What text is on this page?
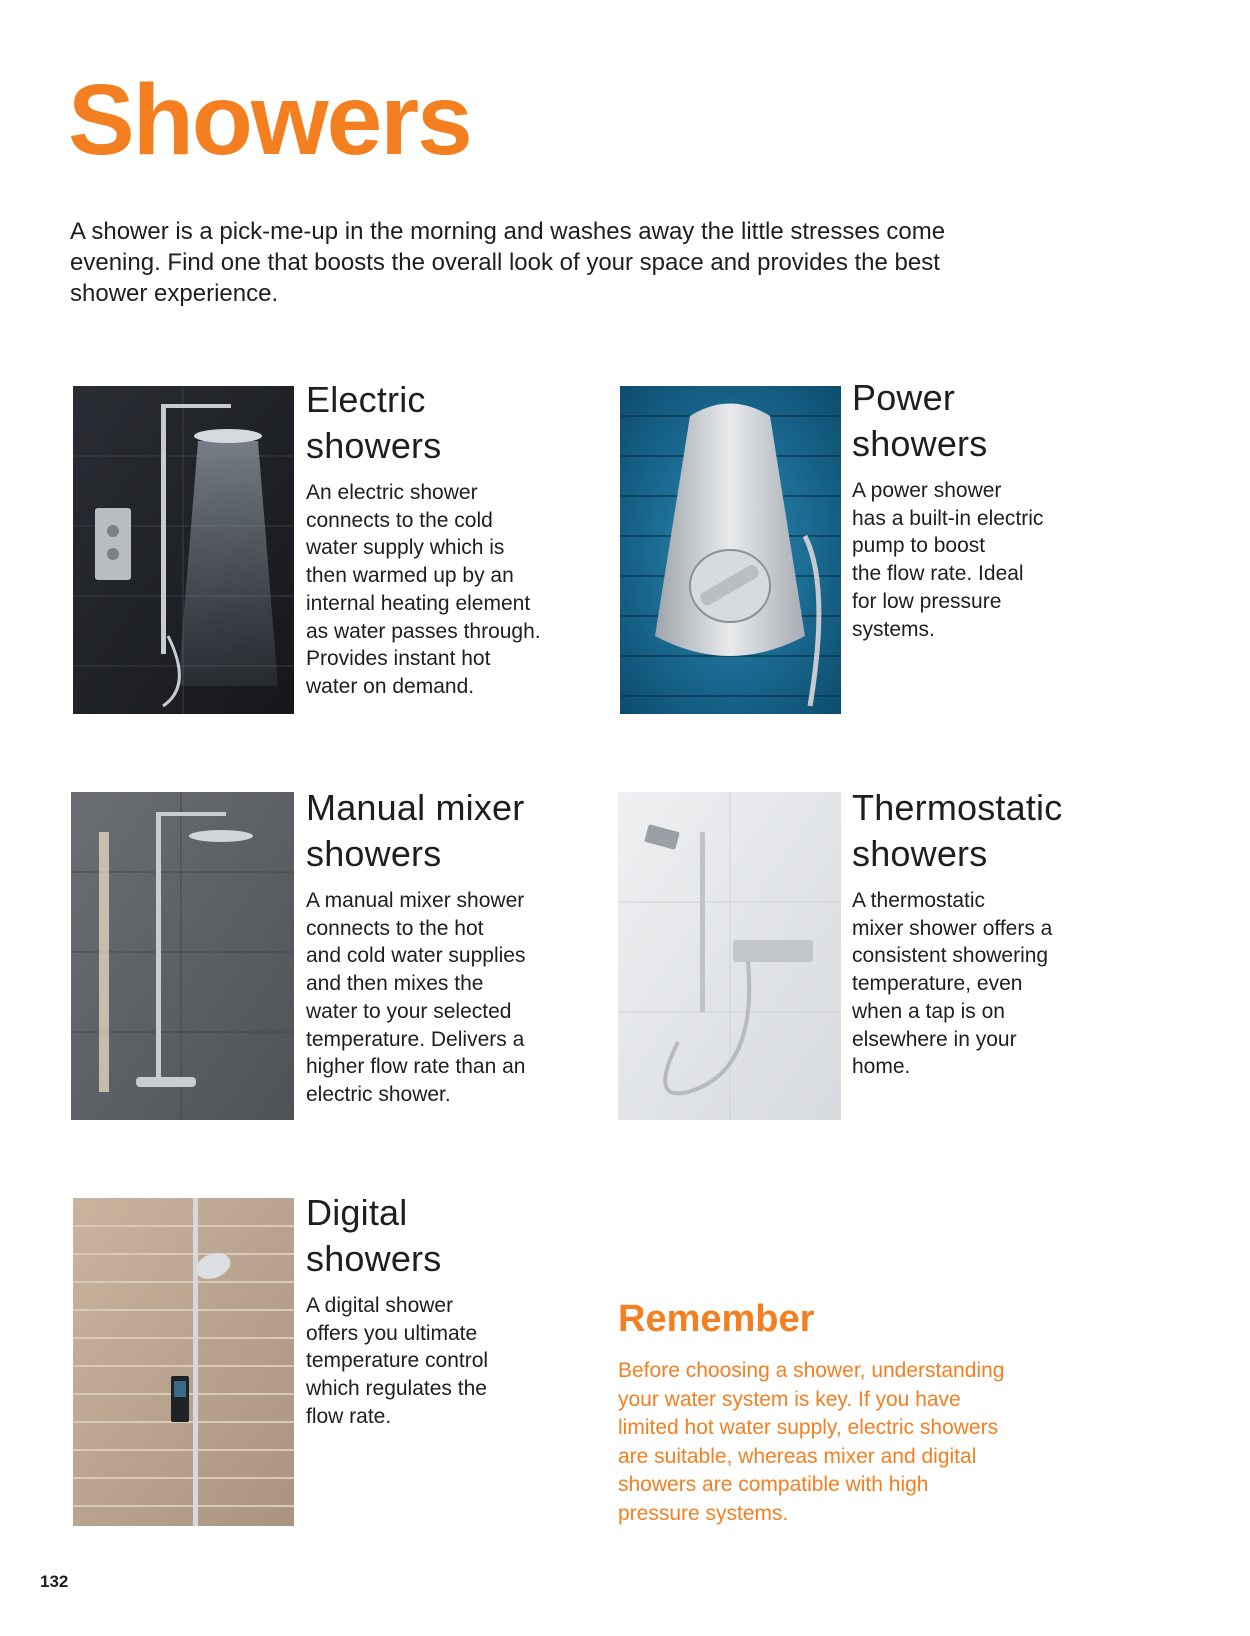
Showers

A shower is a pick-me-up in the morning and washes away the little stresses come evening. Find one that boosts the overall look of your space and provides the best shower experience.

Electric
showers

An electric shower
connects to the cold
water supply which is
then warmed up by an
internal heating element
as water passes through.
Provides instant hot
water on demand.

Power
showers

A power shower
has a built-in electric
pump to boost
the flow rate. Ideal
for low pressure
systems.

Manual mixer
showers

A manual mixer shower
connects to the hot
and cold water supplies
and then mixes the
water to your selected
temperature. Delivers a
higher flow rate than an
electric shower.

Thermostatic
showers

A thermostatic
mixer shower offers a
consistent showering
temperature, even
when a tap is on
elsewhere in your
home.

Digital
showers

A digital shower
offers you ultimate
temperature control
which regulates the
flow rate.

Remember

Before choosing a shower, understanding
your water system is key. If you have
limited hot water supply, electric showers
are suitable, whereas mixer and digital
showers are compatible with high
pressure systems.

132
